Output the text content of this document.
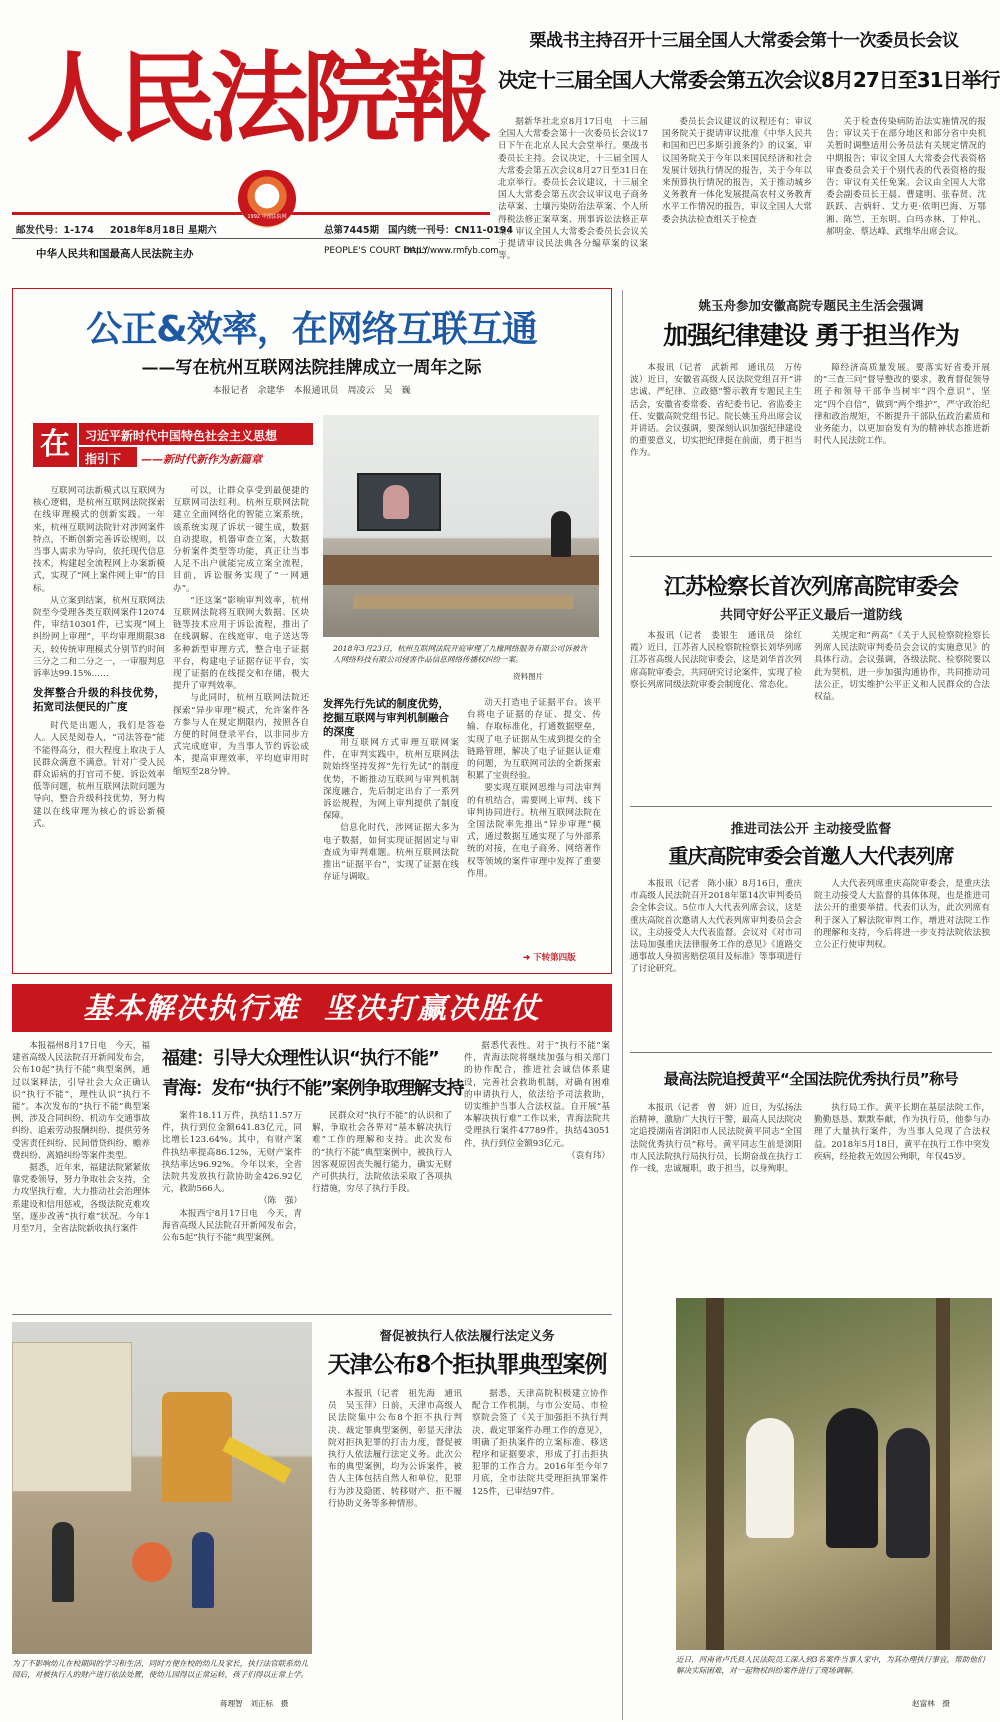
人民法院報
邮发代号：1-174 2018年8月18日 星期六	总第7445期 国内统一刊号：CN11-0194
1992 中国法院网
中华人民共和国最高人民法院主办	PEOPLE'S COURT DAILY
http://www.rmfyb.com
栗战书主持召开十三届全国人大常委会第十一次委员长会议
决定十三届全国人大常委会第五次会议8月27日至31日举行

据新华社北京8月17日电　十三届全国人大常委会第十一次委员长会议17日下午在北京人民大会堂举行。栗战书委员长主持。会议决定，十三届全国人大常委会第五次会议8月27日至31日在北京举行。委员长会议建议，十三届全国人大常委会第五次会议审议电子商务法草案、土壤污染防治法草案、个人所得税法修正案草案、刑事诉讼法修正草案；审议全国人大常委会委员长会议关于提请审议民法典各分编草案的议案等。

委员长会议建议的议程还有：审议国务院关于提请审议批准《中华人民共和国和巴巴多斯引渡条约》的议案，审议国务院关于今年以来国民经济和社会发展计划执行情况的报告，关于今年以来预算执行情况的报告，关于推动城乡义务教育一体化发展提高农村义务教育水平工作情况的报告，审议全国人大常委会执法检查组关于检查

关于检查传染病防治法实施情况的报告；审议关于在部分地区和部分省中央机关暂时调整适用公务员法有关规定情况的中期报告；审议全国人大常委会代表资格审查委员会关于个别代表的代表资格的报告；审议有关任免案。会议由全国人大常委会副委员长王晨、曹建明、张春贤、沈跃跃、吉炳轩、艾力更·依明巴海、万鄂湘、陈竺、王东明、白玛赤林、丁仲礼、郝明金、蔡达峰、武维华出席会议。

公正&效率，在网络互联互通
——写在杭州互联网法院挂牌成立一周年之际
本报记者　余建华　本报通讯员　周凌云　吴　巍
在	习近平新时代中国特色社会主义思想
指引下 ——新时代新作为新篇章
2018年3月23日，杭州互联网法院开庭审理了九椽网络服务有限公司诉被告人网络科技有限公司侵害作品信息网络传播权纠纷一案。
资料图片

互联网司法新模式以互联网为核心逻辑，是杭州互联网法院探索在线审理模式的创新实践。一年来，杭州互联网法院针对涉网案件特点，不断创新完善诉讼规则，以当事人需求为导向，依托现代信息技术，构建起全流程网上办案新模式，实现了“网上案件网上审”的目标。

从立案到结案，杭州互联网法院至今受理各类互联网案件12074件，审结10301件，已实现“网上纠纷网上审理”，平均审理期限38天，较传统审理模式分别节约时间三分之二和二分之一，一审服判息诉率达99.15%……

发挥整合升级的科技优势，拓宽司法便民的广度

时代是出题人，我们是答卷人。人民是阅卷人，“司法答卷”能不能得高分，很大程度上取决于人民群众满意不满意。针对广受人民群众诟病的打官司不便、诉讼效率低等问题，杭州互联网法院问题为导向，整合升级科技优势，努力构建以在线审理为核心的诉讼新模式。

可以，让群众享受到最便捷的互联网司法红利。杭州互联网法院建立全面网络化的智能立案系统，该系统实现了诉状一键生成，数据自动提取，机器审查立案，大数据分析案件类型等功能，真正让当事人足不出户就能完成立案全流程，目前，诉讼服务实现了“一网通办”。

“还这案”影响审判效率，杭州互联网法院将互联网大数据、区块链等技术应用于诉讼流程，推出了在线调解、在线庭审、电子送达等多种新型审理方式，整合电子证据平台，构建电子证据存证平台，实现了证据的在线提交和存储，极大提升了审判效率。

与此同时，杭州互联网法院还探索“异步审理”模式，允许案件各方参与人在规定期限内，按照各自方便的时间登录平台，以非同步方式完成庭审，为当事人节约诉讼成本，提高审理效率，平均庭审用时缩短至28分钟。

发挥先行先试的制度优势，挖掘互联网与审判机制融合的深度

用互联网方式审理互联网案件，在审判实践中，杭州互联网法院始终坚持发挥“先行先试”的制度优势，不断推动互联网与审判机制深度融合，先后制定出台了一系列诉讼规程，为网上审判提供了制度保障。

信息化时代，涉网证据大多为电子数据，如何实现证据固定与审查成为审判难题。杭州互联网法院推出“证据平台”，实现了证据在线存证与调取。

动天打造电子证据平台。该平台将电子证据的存证、提交、传输、存取标准化，打通数据壁垒，实现了电子证据从生成到提交的全链路管理，解决了电子证据认证难的问题，为互联网司法的全新探索积累了宝贵经验。

要实现互联网思维与司法审判的有机结合，需要网上审判、线下审判协同进行。杭州互联网法院在全国法院率先推出“异步审理”模式，通过数据互通实现了与外部系统的对接，在电子商务、网络著作权等领域的案件审理中发挥了重要作用。

➜ 下转第四版
姚玉舟参加安徽高院专题民主生活会强调
加强纪律建设 勇于担当作为

本报讯（记者　武新邦　通讯员　万传波）近日，安徽省高级人民法院党组召开“讲忠诚、严纪律、立政德”警示教育专题民主生活会，安徽省委常委、省纪委书记、省监委主任、安徽高院党组书记、院长姚玉舟出席会议并讲话。会议强调，要深刻认识加强纪律建设的重要意义，切实把纪律挺在前面，勇于担当作为。

障经济高质量发展。要落实好省委开展的“三查三问”督导整改的要求，教育督促领导班子和领导干部争当树牢“四个意识”、坚定“四个自信”，做到“两个维护”，严守政治纪律和政治规矩，不断提升干部队伍政治素质和业务能力，以更加奋发有为的精神状态推进新时代人民法院工作。

江苏检察长首次列席高院审委会
共同守好公平正义最后一道防线

本报讯（记者　娄银生　通讯员　徐红霞）近日，江苏省人民检察院检察长刘华列席江苏省高级人民法院审委会，这是刘华首次列席高院审委会，共同研究讨论案件，实现了检察长列席同级法院审委会制度化、常态化。

关规定和“两高”《关于人民检察院检察长列席人民法院审判委员会会议的实施意见》的具体行动。会议强调，各级法院、检察院要以此为契机，进一步加强沟通协作，共同推动司法公正，切实维护公平正义和人民群众的合法权益。

推进司法公开 主动接受监督
重庆高院审委会首邀人大代表列席

本报讯（记者　陈小康）8月16日，重庆市高级人民法院召开2018年第14次审判委员会全体会议。5位市人大代表列席会议，这是重庆高院首次邀请人大代表列席审判委员会会议，主动接受人大代表监督。会议对《对市司法局加强重庆法律服务工作的意见》《道路交通事故人身损害赔偿项目及标准》等事项进行了讨论研究。

人大代表列席重庆高院审委会，是重庆法院主动接受人大监督的具体体现，也是推进司法公开的重要举措。代表们认为，此次列席有利于深入了解法院审判工作，增进对法院工作的理解和支持，今后将进一步支持法院依法独立公正行使审判权。

最高法院追授黄平“全国法院优秀执行员”称号

本报讯（记者　曾　妍）近日，为弘扬法治精神，激励广大执行干警，最高人民法院决定追授湖南省浏阳市人民法院黄平同志“全国法院优秀执行员”称号。黄平同志生前是浏阳市人民法院执行局执行员，长期奋战在执行工作一线，忠诚履职，敢于担当，以身殉职。

执行局工作。黄平长期在基层法院工作，勤勤恳恳、默默奉献，作为执行员，他参与办理了大量执行案件，为当事人兑现了合法权益。2018年5月18日，黄平在执行工作中突发疾病，经抢救无效因公殉职，年仅45岁。

近日，河南省卢氏县人民法院员工深入到3名案件当事人家中，为其办理执行事宜，帮助他们解决实际困难，对一起物权纠纷案件进行了现场调解。
赵富林　摄
基本解决执行难  坚决打赢决胜仗

本报福州8月17日电　今天，福建省高级人民法院召开新闻发布会，公布10起“执行不能”典型案例，通过以案释法，引导社会大众正确认识“执行不能”，理性认识“执行不能”。本次发布的“执行不能”典型案例，涉及合同纠纷、机动车交通事故纠纷、追索劳动报酬纠纷、提供劳务受害责任纠纷、民间借贷纠纷、赡养费纠纷、离婚纠纷等案件类型。

据悉，近年来，福建法院紧紧依靠党委领导，努力争取社会支持，全力攻坚执行难，大力推动社会治理体系建设和信用惩戒，各级法院克难攻坚、逐步改善“执行难”状况。今年1月至7月，全省法院新收执行案件

福建：引导大众理性认识“执行不能”
青海：发布“执行不能”案例争取理解支持

案件18.11万件，执结11.57万件，执行到位金额641.83亿元，同比增长123.64%。其中，有财产案件执结率提高86.12%，无财产案件执结率达96.92%。今年以来，全省法院共发放执行款协助金426.92亿元，救助566人。

（陈　强）

本报西宁8月17日电　今天，青海省高级人民法院召开新闻发布会，公布5起“执行不能”典型案例。

民群众对“执行不能”的认识和了解，争取社会各界对“基本解决执行难”工作的理解和支持。此次发布的“执行不能”典型案例中，被执行人因客观原因丧失履行能力，确实无财产可供执行，法院依法采取了各项执行措施，穷尽了执行手段。

据悉代表性。对于“执行不能”案件，青海法院将继续加强与相关部门的协作配合，推进社会诚信体系建设，完善社会救助机制，对确有困难的申请执行人，依法给予司法救助，切实维护当事人合法权益。自开展“基本解决执行难”工作以来，青海法院共受理执行案件47789件，执结43051件，执行到位金额93亿元。

（袁有玮）
为了不影响幼儿在校期间的学习和生活，同时方便在校的幼儿及家长，执行法官联系幼儿园后，对被执行人的财产进行依法处置，使幼儿园得以正常运转，孩子们得以正常上学。
蒋理智　刘正标　摄
督促被执行人依法履行法定义务
天津公布8个拒执罪典型案例

本报讯（记者　祖先海　通讯员　吴玉萍）日前，天津市高级人民法院集中公布8个拒不执行判决、裁定罪典型案例，彰显天津法院对拒执犯罪的打击力度，督促被执行人依法履行法定义务。此次公布的典型案例，均为公诉案件，被告人主体包括自然人和单位，犯罪行为涉及隐匿、转移财产、拒不履行协助义务等多种情形。

据悉，天津高院积极建立协作配合工作机制，与市公安局、市检察院会签了《关于加强拒不执行判决、裁定罪案件办理工作的意见》，明确了拒执案件的立案标准、移送程序和证据要求，形成了打击拒执犯罪的工作合力。2016年至今年7月底，全市法院共受理拒执罪案件125件，已审结97件。
